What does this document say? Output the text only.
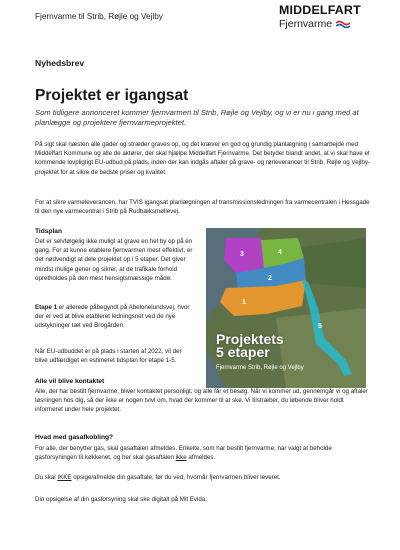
Fjernvarme til Strib, Røjle og Vejlby	MIDDELFART
Fjernvarme
Nyhedsbrev
Projektet er igangsat
Som tidligere annonceret kommer fjernvarmen til Strib, Røjle og Vejlby, og vi er nu i gang med at planlægge og projektere fjernvarmeprojektet.
På sigt skal næsten alle gader og stræder graves op, og det kræver en god og grundig planlægning i samarbejde med Middelfart Kommune og alle de aktører, der skal hjælpe Middelfart Fjernvarme. Det betyder blandt andet, at vi skal have et kommende lovpligtigt EU-udbud på plads, inden der kan indgås aftaler på grave- og rørleverancer til Strib, Røjle og Vejlby-projektet for at sikre de bedste priser og kvalitet.
For at sikre varmeleverancen, har TVIS igangsat planlægningen af transmissionsledningen fra varmecentralen i Hessgade til den nye varmecentral i Strib på Rudbæksmøllevej.
Tidsplan
Det er selvfølgelig ikke muligt at grave en hel by op på én gang. For at kunne etablere fjernvarmen mest effektivt, er det nødvendigt at dele projektet op i 5 etaper. Det giver mindst mulige gener og sikrer, at de trafikale forhold opretholdes på den mest hensigtsmæssige måde.
Etape 1 er allerede påbegyndt på Abelonelundsvej, hvor der er ved at blive etableret ledningsnet ved de nye udstykninger tæt ved Brogården.
Når EU-udbuddet er på plads i starten af 2022, vil der blive udfærdiget en estimeret tidsplan for etape 1-5.
3	4
2
1
5
Projektets
5 etaper
Fjernvarme Strib, Røjle og Vejlby
Alle vil blive kontaktet
Alle, der har bestilt fjernvarme, bliver kontaktet personligt, og alle får et besøg. Når vi kommer ud, gennemgår vi og aftaler løsningen hos dig, så der ikke er nogen tvivl om, hvad der kommer til at ske. Vi tilstræber, du løbende bliver holdt informeret under hele projektet.
Hvad med gasafkobling?
For alle, der benytter gas, skal gasaftalen afmeldes. Enkelte, som har bestilt fjernvarme, har valgt at beholde gasforsyningen til køkkenet, og her skal gasaftalen ikke afmeldes.
Du skal IKKE opsige/afmelde din gasaftale, før du ved, hvornår fjernvarmen bliver leveret.
Din opsigelse af din gasforsyning skal ske digitalt på Mit Evida.
